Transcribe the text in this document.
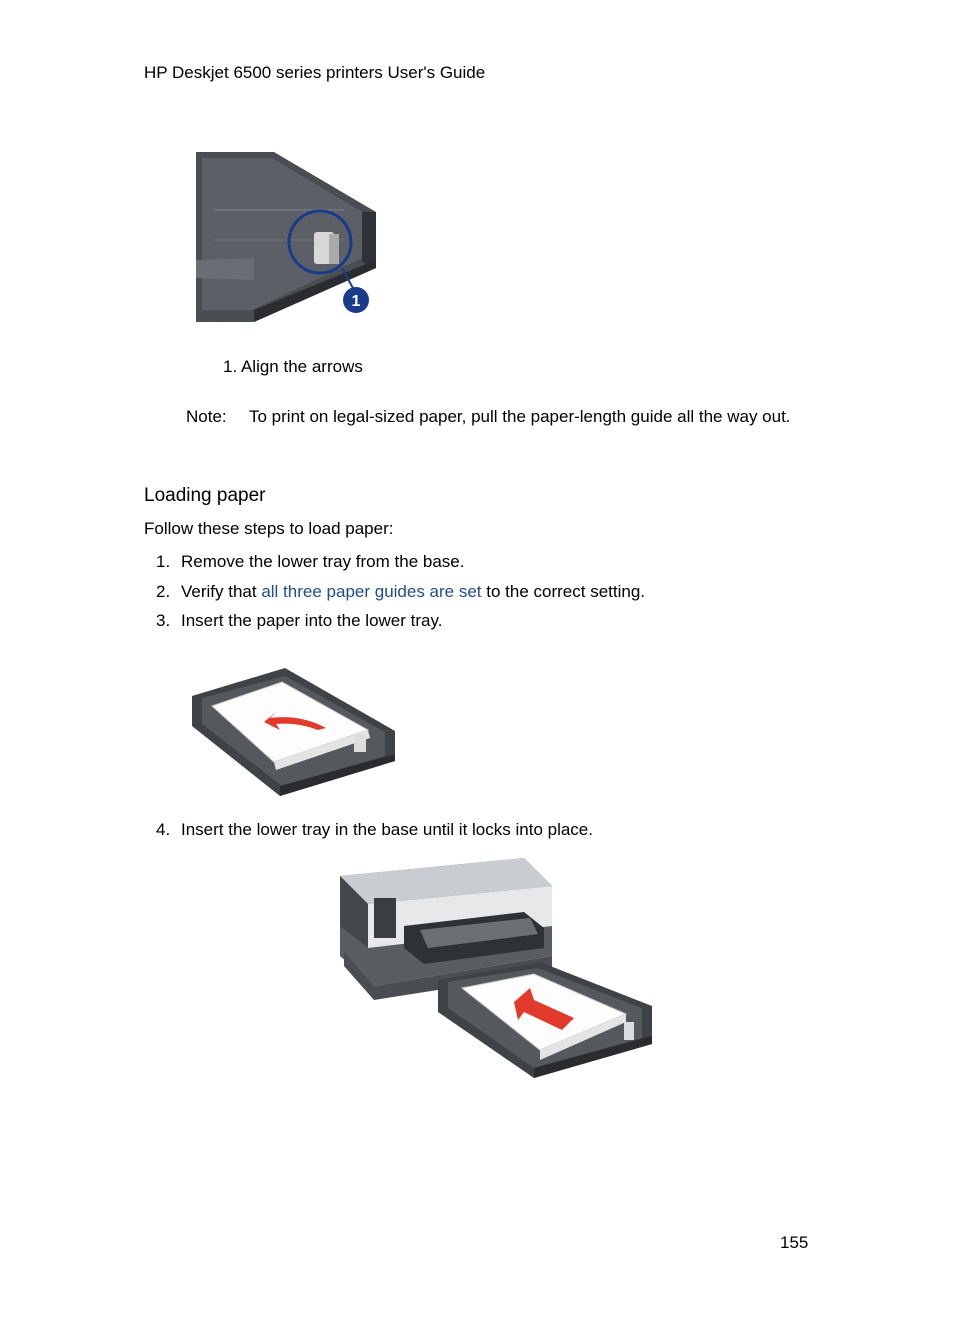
HP Deskjet 6500 series printers User's Guide
1
1. Align the arrows
Note: To print on legal-sized paper, pull the paper-length guide all the way out.
Loading paper
Follow these steps to load paper:
1. Remove the lower tray from the base.
2. Verify that all three paper guides are set to the correct setting.
3. Insert the paper into the lower tray.
4. Insert the lower tray in the base until it locks into place.
155
